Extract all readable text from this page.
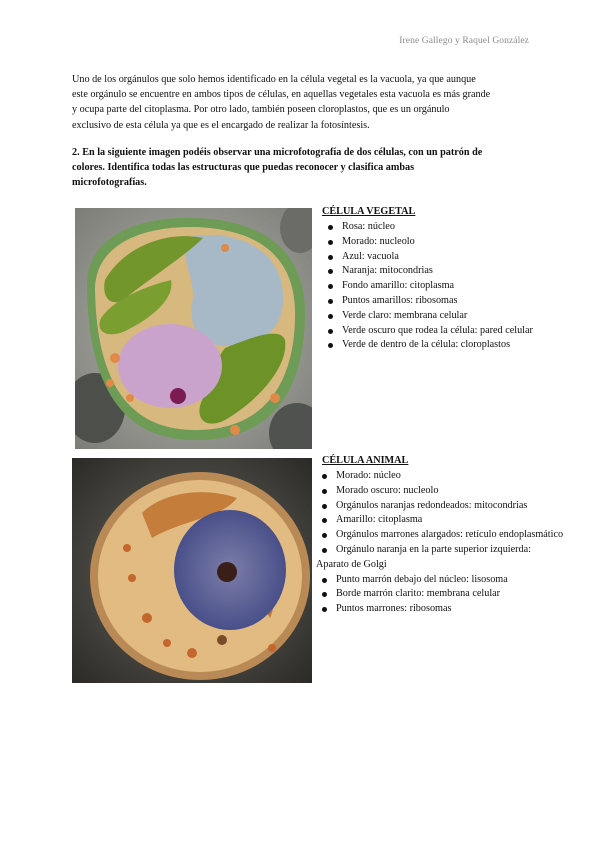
Irene Gallego y Raquel González
Uno de los orgánulos que solo hemos identificado en la célula vegetal es la vacuola, ya que aunque
este orgánulo se encuentre en ambos tipos de células, en aquellas vegetales esta vacuola es más grande
y ocupa parte del citoplasma. Por otro lado, también poseen cloroplastos, que es un orgánulo
exclusivo de esta célula ya que es el encargado de realizar la fotosíntesis.
2. En la siguiente imagen podéis observar una microfotografía de dos células, con un patrón de
colores. Identifica todas las estructuras que puedas reconocer y clasifica ambas
microfotografías.
CÉLULA VEGETAL
Rosa: núcleo
Morado: nucleolo
Azul: vacuola
Naranja: mitocondrias
Fondo amarillo: citoplasma
Puntos amarillos: ribosomas
Verde claro: membrana celular
Verde oscuro que rodea la célula: pared celular
Verde de dentro de la célula: cloroplastos
CÉLULA ANIMAL
Morado: núcleo
Morado oscuro: nucleolo
Orgánulos naranjas redondeados: mitocondrias
Amarillo: citoplasma
Orgánulos marrones alargados: retículo endoplasmático
Orgánulo naranja en la parte superior izquierda:
Aparato de Golgi
Punto marrón debajo del núcleo: lisosoma
Borde marrón clarito: membrana celular
Puntos marrones: ribosomas
